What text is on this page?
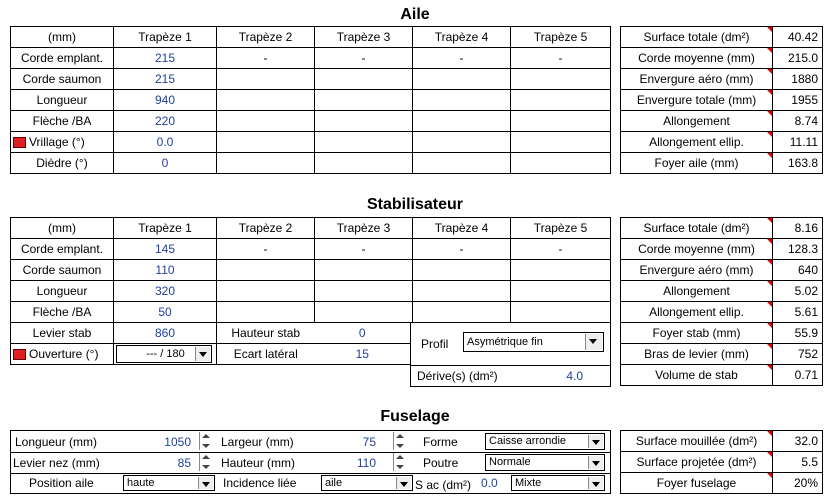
Aile
(mm)	Trapèze 1	Trapèze 2	Trapèze 3	Trapèze 4	Trapèze 5
Corde emplant.	215	-	-	-	-
Corde saumon	215				
Longueur	940				
Flèche /BA	220				
Vrillage (°)	0.0				
Dièdre (°)	0				
Surface totale (dm²)	40.42
Corde moyenne (mm)	215.0
Envergure aéro (mm)	1880
Envergure totale (mm)	1955
Allongement	8.74
Allongement ellip.	11.11
Foyer aile (mm)	163.8
Stabilisateur
(mm)	Trapèze 1	Trapèze 2	Trapèze 3	Trapèze 4	Trapèze 5
Corde emplant.	145	-	-	-	-
Corde saumon	110				
Longueur	320				
Flèche /BA	50				
Levier stab	860	Hauteur stab	0
Ouverture (°)	--- / 180	Ecart latéral	15
Profil	Asymétrique fin
Dérive(s) (dm²)	4.0
Surface totale (dm²)	8.16
Corde moyenne (mm)	128.3
Envergure aéro (mm)	640
Allongement	5.02
Allongement ellip.	5.61
Foyer stab (mm)	55.9
Bras de levier (mm)	752
Volume de stab	0.71
Fuselage
Longueur (mm)	1050	Largeur (mm)	75	Forme	Caisse arrondie
Levier nez (mm)	85	Hauteur (mm)	110	Poutre	Normale
Position aile	haute	Incidence liée	aile	S ac (dm²) 0.0	Mixte
Surface mouillée (dm²)	32.0
Surface projetée (dm²)	5.5
Foyer fuselage	20%
